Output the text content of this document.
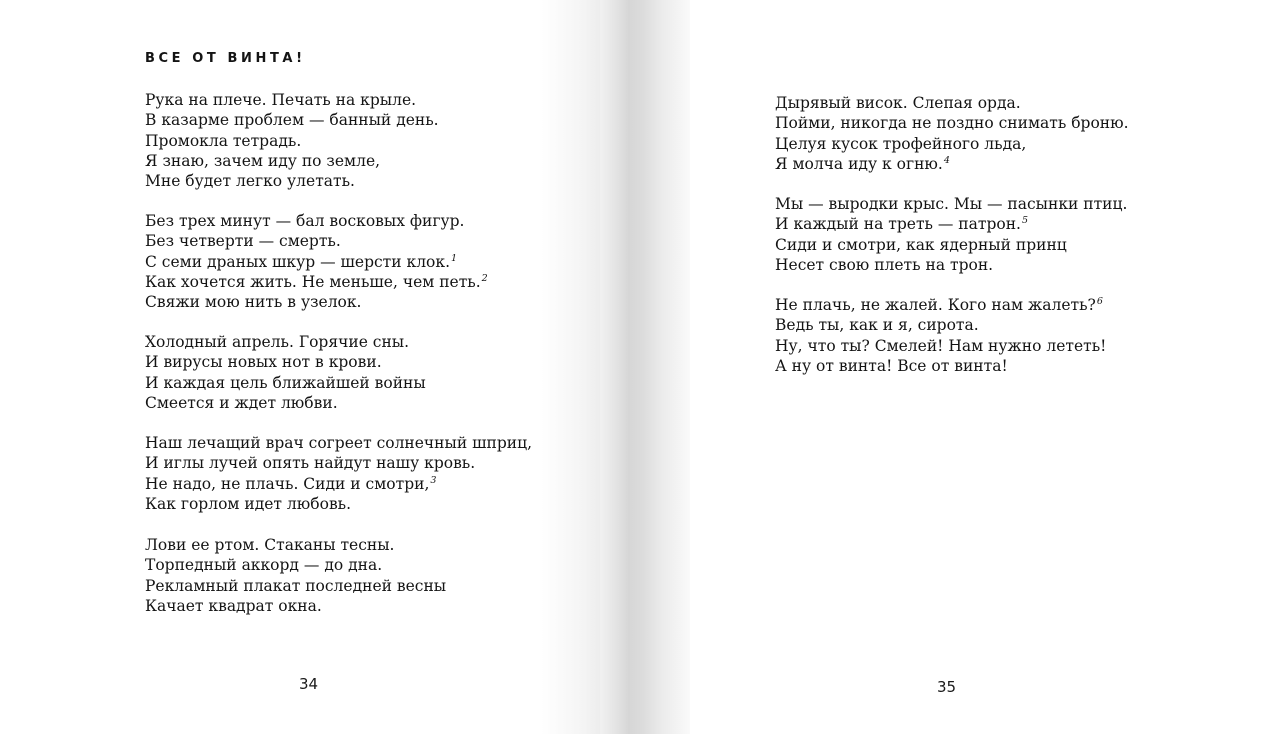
ВСЕ ОТ ВИНТА!
Рука на плече. Печать на крыле.
В казарме проблем — банный день.
Промокла тетрадь.
Я знаю, зачем иду по земле,
Мне будет легко улетать.
Без трех минут — бал восковых фигур.
Без четверти — смерть.
С семи драных шкур — шерсти клок.$^1$
Как хочется жить. Не меньше, чем петь.$^2$
Свяжи мою нить в узелок.
Холодный апрель. Горячие сны.
И вирусы новых нот в крови.
И каждая цель ближайшей войны
Смеется и ждет любви.
Наш лечащий врач согреет солнечный шприц,
И иглы лучей опять найдут нашу кровь.
Не надо, не плачь. Сиди и смотри,$^3$
Как горлом идет любовь.
Лови ее ртом. Стаканы тесны.
Торпедный аккорд — до дна.
Рекламный плакат последней весны
Качает квадрат окна.
Дырявый висок. Слепая орда.
Пойми, никогда не поздно снимать броню.
Целуя кусок трофейного льда,
Я молча иду к огню.$^4$
Мы — выродки крыс. Мы — пасынки птиц.
И каждый на треть — патрон.$^5$
Сиди и смотри, как ядерный принц
Несет свою плеть на трон.
Не плачь, не жалей. Кого нам жалеть?$^6$
Ведь ты, как и я, сирота.
Ну, что ты? Смелей! Нам нужно лететь!
А ну от винта! Все от винта!
34	35
